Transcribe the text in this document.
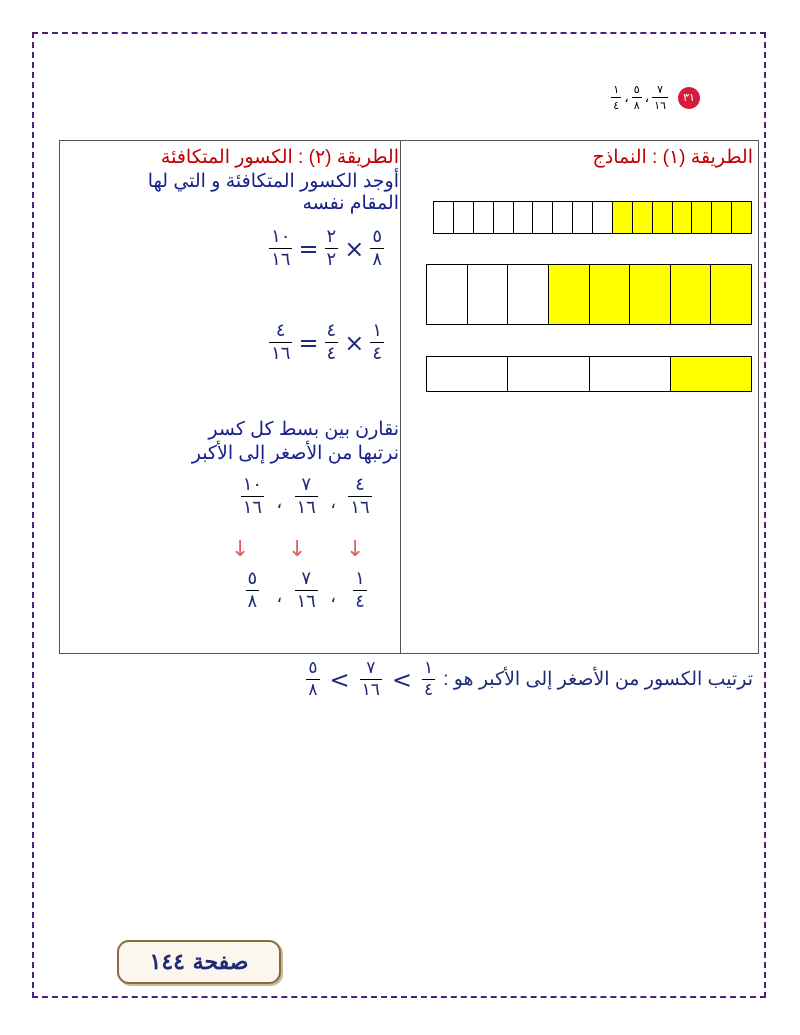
٣١
$\frac{٧}{١٦}$
،
$\frac{٥}{٨}$
،
$\frac{١}{٤}$
الطريقة (١) : النماذج
الطريقة (٢) : الكسور المتكافئة
أوجد الكسور المتكافئة و التي لها
المقام نفسه
$\frac{٥}{٨}$
×
$\frac{٢}{٢}$
=
$\frac{١٠}{١٦}$
$\frac{١}{٤}$
×
$\frac{٤}{٤}$
=
$\frac{٤}{١٦}$
نقارن بين بسط كل كسر
نرتبها من الأصغر إلى الأكبر
$\frac{٤}{١٦}$
،
$\frac{٧}{١٦}$
،
$\frac{١٠}{١٦}$
↓
↓
↓
$\frac{١}{٤}$
،
$\frac{٧}{١٦}$
،
$\frac{٥}{٨}$
ترتيب الكسور من الأصغر إلى الأكبر هو :
$\frac{١}{٤}$
<
$\frac{٧}{١٦}$
<
$\frac{٥}{٨}$
صفحة ١٤٤
